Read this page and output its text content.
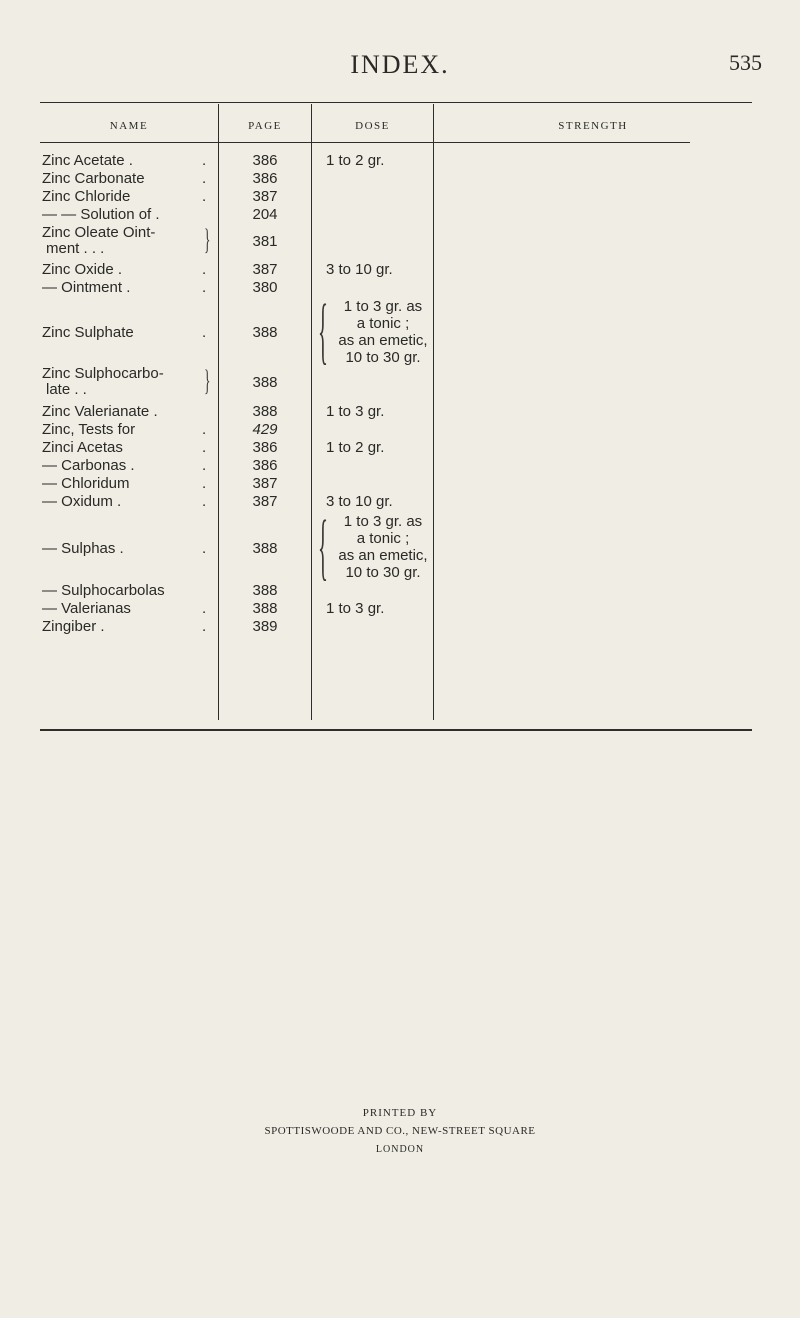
INDEX.	535
NAME	PAGE	DOSE	STRENGTH
Zinc Acetate .	.	386	1 to 2 gr.
Zinc Carbonate	.	386
Zinc Chloride	.	387
— — Solution of .	204
Zinc Oleate Oint-
ment . . .	}	381
Zinc Oxide .	.	387	3 to 10 gr.
— Ointment .	.	380
Zinc Sulphate	.	388 {	1 to 3 gr. as
a tonic ;
as an emetic,
10 to 30 gr.
Zinc Sulphocarbo-
late . .	}	388
Zinc Valerianate .	388	1 to 3 gr.
Zinc, Tests for	.	429
Zinci Acetas	.	386	1 to 2 gr.
— Carbonas .	.	386
— Chloridum	.	387
— Oxidum .	.	387	3 to 10 gr.
— Sulphas .	.	388 {	1 to 3 gr. as
a tonic ;
as an emetic,
10 to 30 gr.
— Sulphocarbolas	388
— Valerianas	.	388	1 to 3 gr.
Zingiber .	.	389
PRINTED BY
SPOTTISWOODE AND CO., NEW-STREET SQUARE
LONDON
